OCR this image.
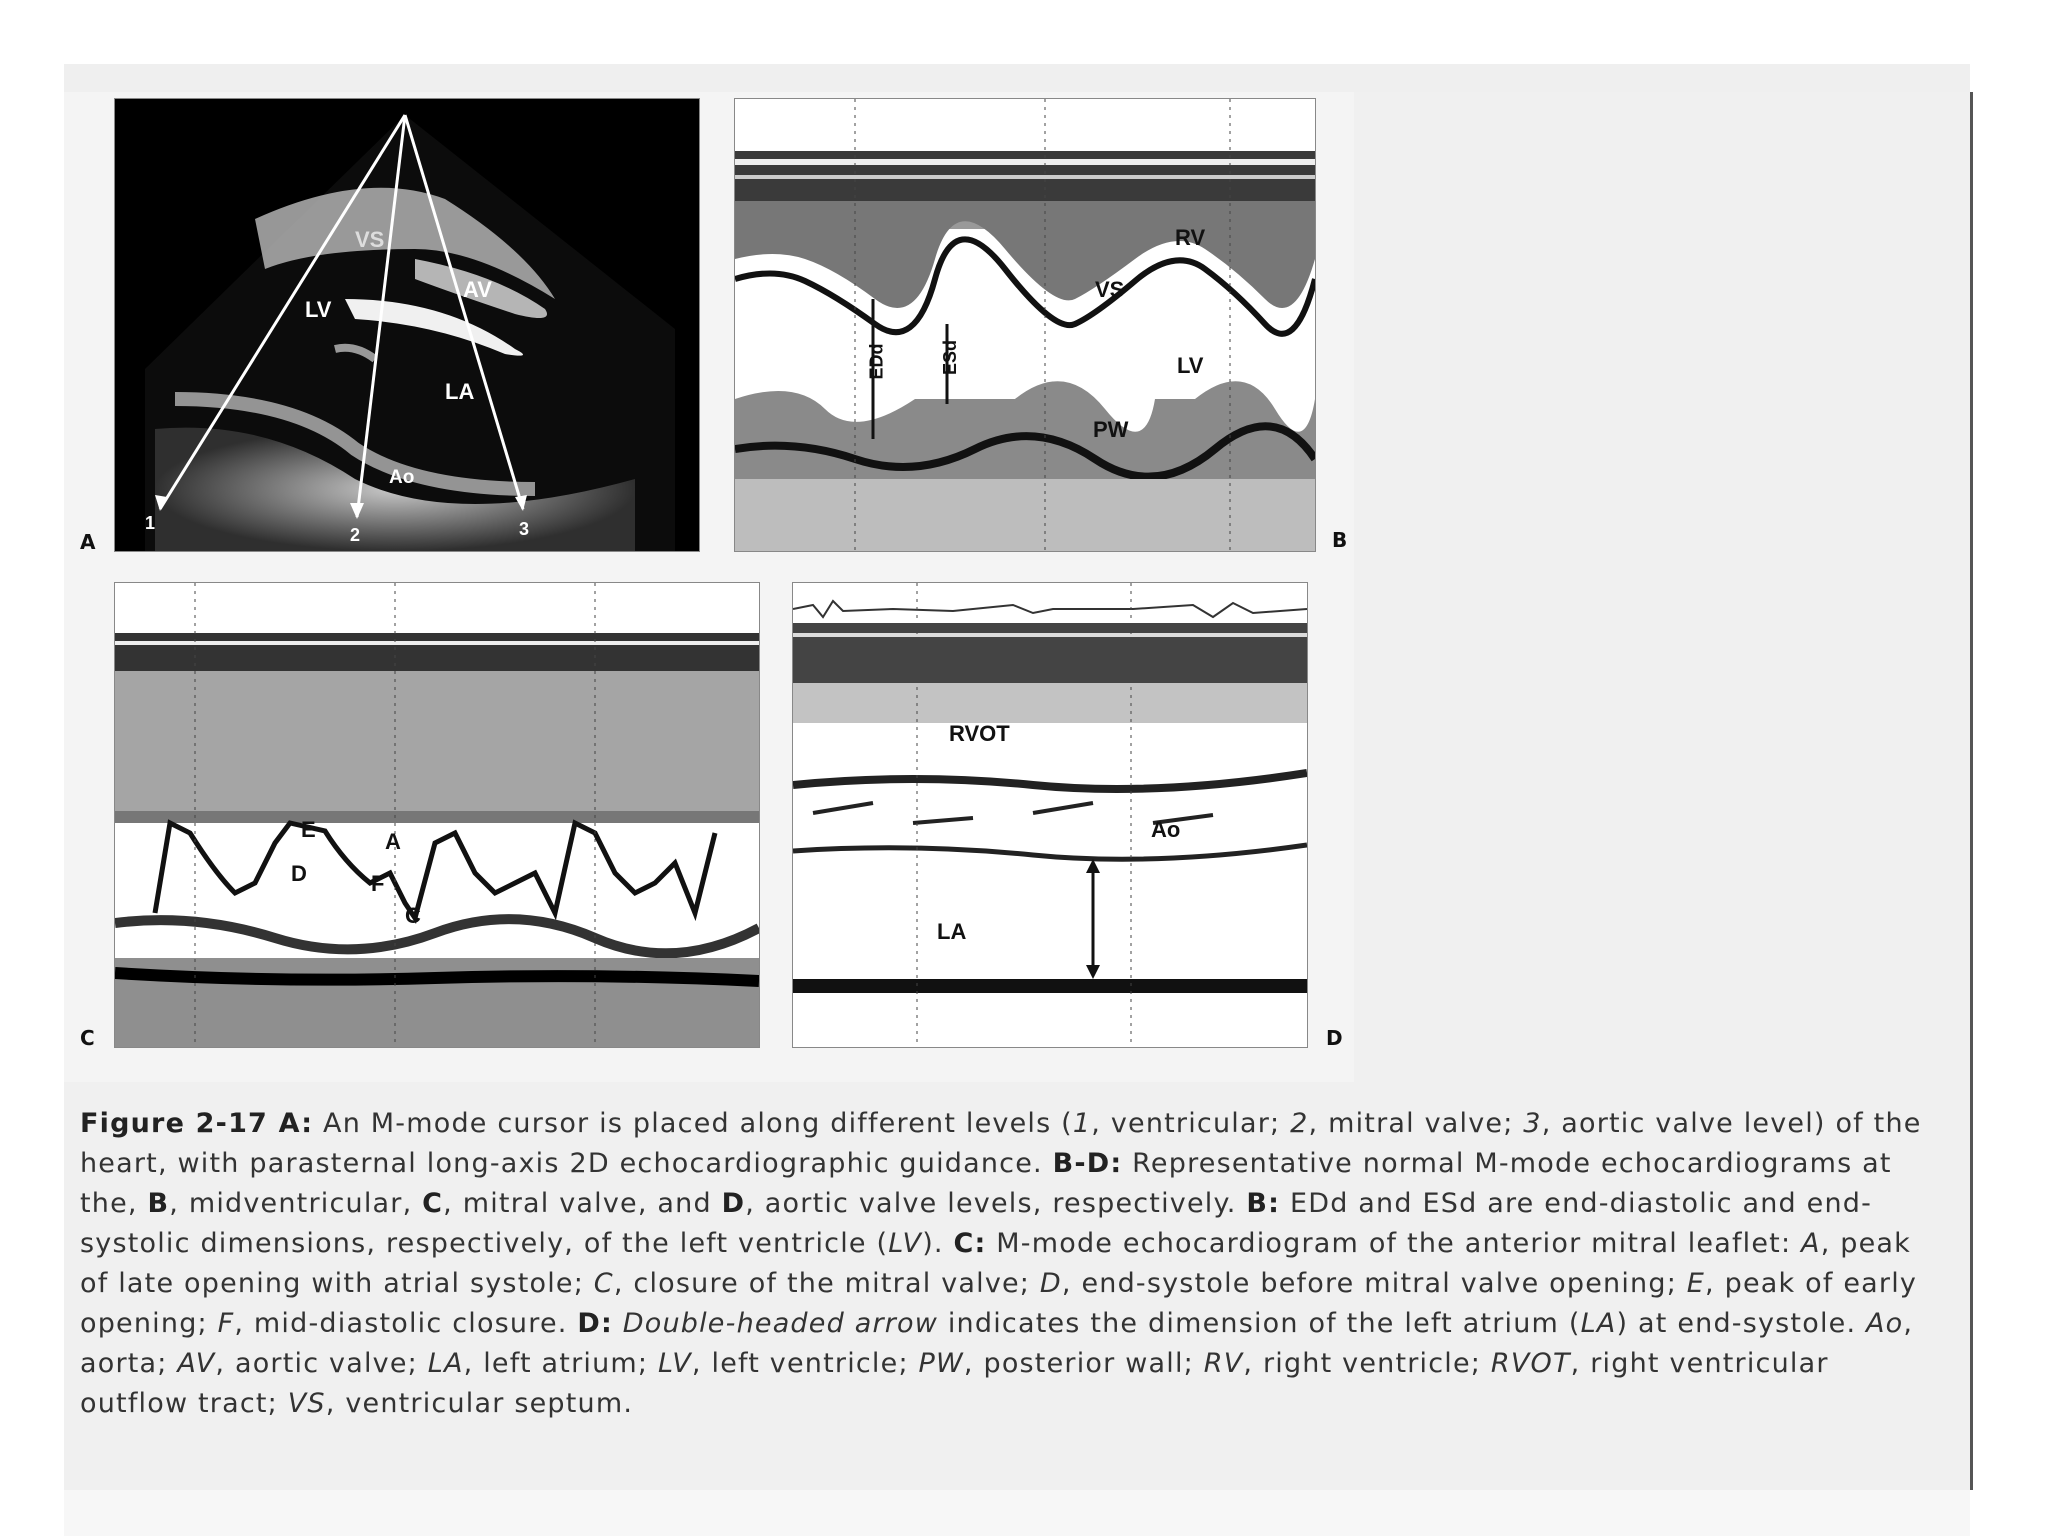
VS
LV
AV
LA
Ao
1
2	3
A
RV
VS
LV
PW
EDd	ESd
B
E	A
D	F
C
C
RVOT
Ao
LA
D
Figure 2-17 A: An M-mode cursor is placed along different levels (1, ventricular; 2, mitral valve; 3, aortic valve level) of the heart, with parasternal long-axis 2D echocardiographic guidance. B-D: Representative normal M-mode echocardiograms at the, B, midventricular, C, mitral valve, and D, aortic valve levels, respectively. B: EDd and ESd are end-diastolic and end-systolic dimensions, respectively, of the left ventricle (LV). C: M-mode echocardiogram of the anterior mitral leaflet: A, peak of late opening with atrial systole; C, closure of the mitral valve; D, end-systole before mitral valve opening; E, peak of early opening; F, mid-diastolic closure. D: Double-headed arrow indicates the dimension of the left atrium (LA) at end-systole. Ao, aorta; AV, aortic valve; LA, left atrium; LV, left ventricle; PW, posterior wall; RV, right ventricle; RVOT, right ventricular outflow tract; VS, ventricular septum.
